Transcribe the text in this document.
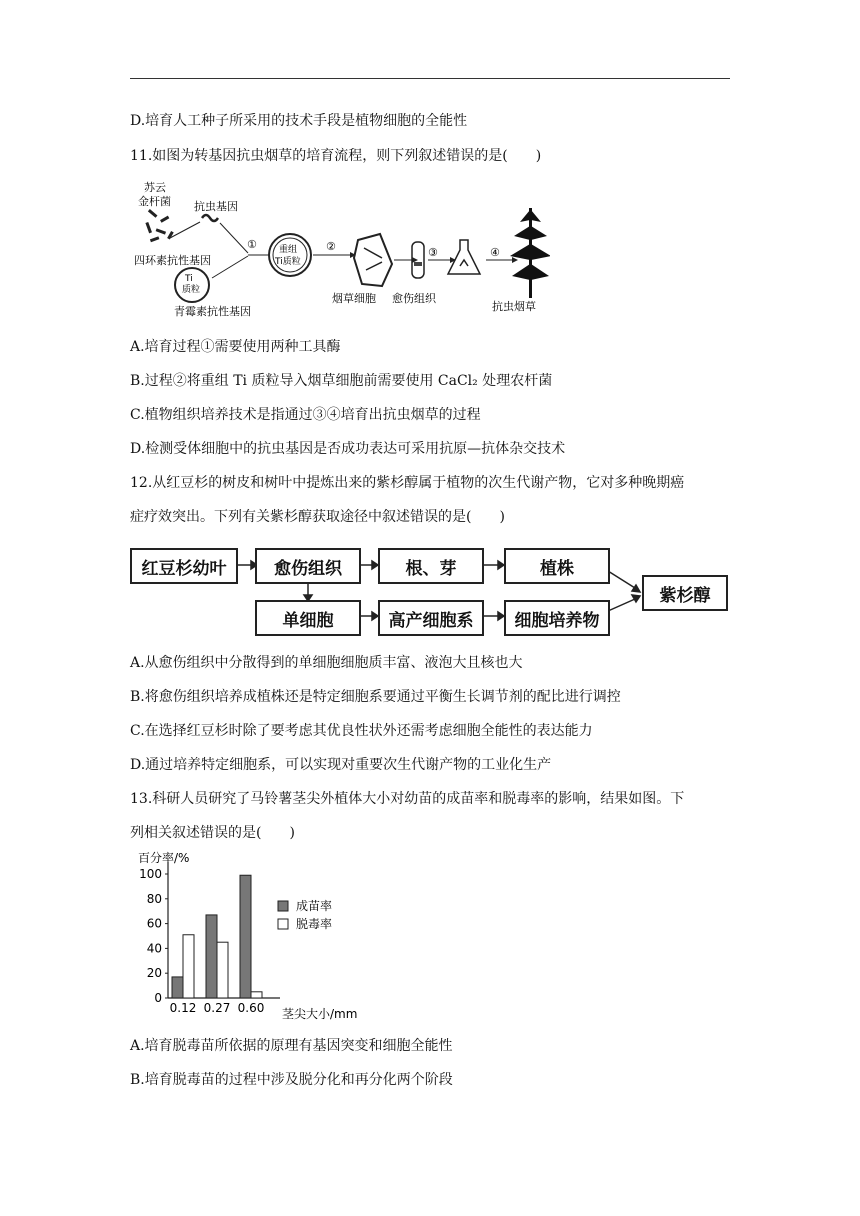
D.培育人工种子所采用的技术手段是植物细胞的全能性
11.如图为转基因抗虫烟草的培育流程，则下列叙述错误的是(　　)
苏云
金杆菌 抗虫基因
四环素抗性基因
Ti
质粒
青霉素抗性基因
① 重组
Ti质粒
②
烟草细胞 愈伤组织
③	④
抗虫烟草
A.培育过程①需要使用两种工具酶
B.过程②将重组 Ti 质粒导入烟草细胞前需要使用 CaCl₂ 处理农杆菌
C.植物组织培养技术是指通过③④培育出抗虫烟草的过程
D.检测受体细胞中的抗虫基因是否成功表达可采用抗原—抗体杂交技术
12.从红豆杉的树皮和树叶中提炼出来的紫杉醇属于植物的次生代谢产物，它对多种晚期癌
症疗效突出。下列有关紫杉醇获取途径中叙述错误的是(　　)
红豆杉幼叶	愈伤组织	根、芽	植株
单细胞	高产细胞系	细胞培养物
紫杉醇
A.从愈伤组织中分散得到的单细胞细胞质丰富、液泡大且核也大
B.将愈伤组织培养成植株还是特定细胞系要通过平衡生长调节剂的配比进行调控
C.在选择红豆杉时除了要考虑其优良性状外还需考虑细胞全能性的表达能力
D.通过培养特定细胞系，可以实现对重要次生代谢产物的工业化生产
13.科研人员研究了马铃薯茎尖外植体大小对幼苗的成苗率和脱毒率的影响，结果如图。下
列相关叙述错误的是(　　)
百分率/%
茎尖大小/mm
0
20
40
60
80
100
0.12 0.27 0.60
成苗率
脱毒率
A.培育脱毒苗所依据的原理有基因突变和细胞全能性
B.培育脱毒苗的过程中涉及脱分化和再分化两个阶段
